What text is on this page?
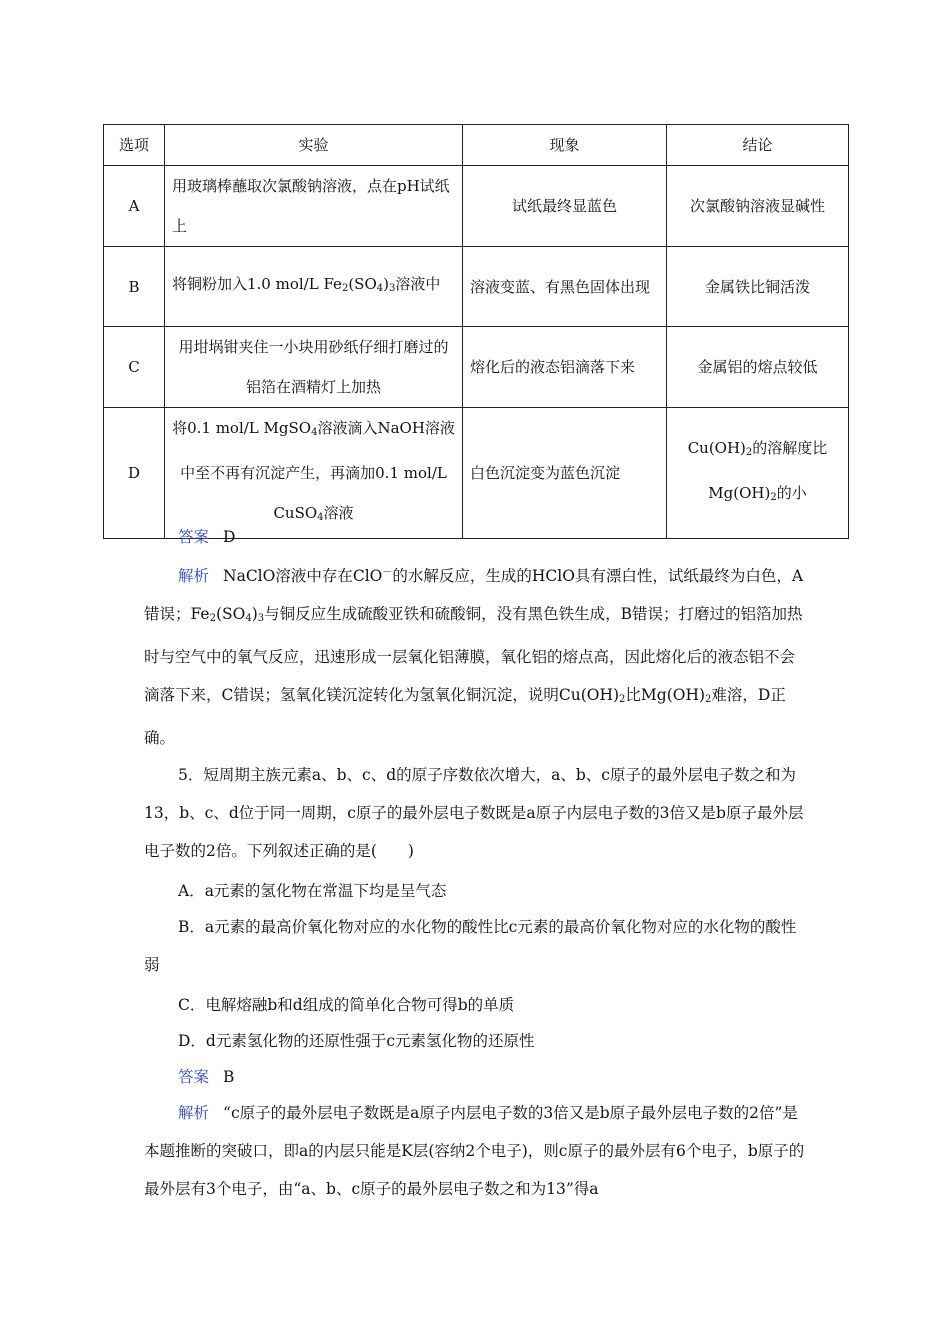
选项	实验	现象	结论
A	用玻璃棒蘸取次氯酸钠溶液，点在pH试纸上	试纸最终显蓝色	次氯酸钠溶液显碱性
B	将铜粉加入1.0 mol/L $Fe_2(SO_4)_3$溶液中	溶液变蓝、有黑色固体出现	金属铁比铜活泼
C	用坩埚钳夹住一小块用砂纸仔细打磨过的铝箔在酒精灯上加热	熔化后的液态铝滴落下来	金属铝的熔点较低
D	将0.1 mol/L MgSO$_4$溶液滴入NaOH溶液中至不再有沉淀产生，再滴加0.1 mol/L CuSO$_4$溶液	白色沉淀变为蓝色沉淀	$Cu(OH)_2$的溶解度比$Mg(OH)_2$的小
答案 D
解析 NaClO溶液中存在ClO－的水解反应，生成的HClO具有漂白性，试纸最终为白色，A错误；$Fe_2(SO_4)_3$与铜反应生成硫酸亚铁和硫酸铜，没有黑色铁生成，B错误；打磨过的铝箔加热时与空气中的氧气反应，迅速形成一层氧化铝薄膜，氧化铝的熔点高，因此熔化后的液态铝不会滴落下来，C错误；氢氧化镁沉淀转化为氢氧化铜沉淀，说明$Cu(OH)_2$比$Mg(OH)_2$难溶，D正确。
5．短周期主族元素a、b、c、d的原子序数依次增大，a、b、c原子的最外层电子数之和为13，b、c、d位于同一周期，c原子的最外层电子数既是a原子内层电子数的3倍又是b原子最外层电子数的2倍。下列叙述正确的是(　　)
A．a元素的氢化物在常温下均是呈气态
B．a元素的最高价氧化物对应的水化物的酸性比c元素的最高价氧化物对应的水化物的酸性弱
C．电解熔融b和d组成的简单化合物可得b的单质
D．d元素氢化物的还原性强于c元素氢化物的还原性
答案 B
解析 “c原子的最外层电子数既是a原子内层电子数的3倍又是b原子最外层电子数的2倍”是本题推断的突破口，即a的内层只能是K层(容纳2个电子)，则c原子的最外层有6个电子，b原子的最外层有3个电子，由“a、b、c原子的最外层电子数之和为13”得a
